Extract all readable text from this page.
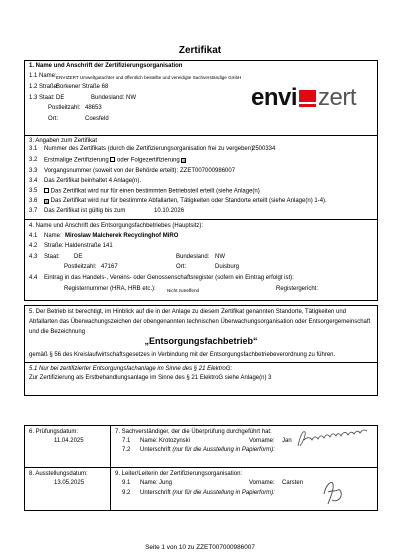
Zertifikat
1. Name und Anschrift der Zertifizierungsorganisation
1.1 Name: ENVIZERT Umweltgutachter und öffentlich bestellte und vereidigte Sachverständige GmbH
1.2 Straße:
Borkener Straße 68
1.3 Staat: DE	Bundesland: NW
Postleitzahl: 48653
Ort:	Coesfeld
envi zert
3. Angaben zum Zertifikat
3.1 Nummer des Zertifikats (durch die Zertifizierungsorganisation frei zu vergeben):
2500334
3.2 Erstmalige Zertifizierung oder Folgezertifizierung ☒
3.3 Vorgangsnummer (soweit von der Behörde erteilt): ZZET007000986007
3.4 Das Zertifikat beinhaltet 4 Anlage(n).
3.5	Das Zertifikat wird nur für einen bestimmten Betriebsteil erteilt (siehe Anlage(n)
3.6 ☒ Das Zertifikat wird nur für bestimmte Abfallarten, Tätigkeiten oder Standorte erteilt (siehe Anlage(n) 1-4).
3.7 Das Zertifikat ist gültig bis zum	10.10.2026
4. Name und Anschrift des Entsorgungsfachbetriebes (Hauptsitz):
4.1 Name: Miroslaw Malcherek Recyclinghof MiRO
4.2 Straße: Haldenstraße 141
4.3 Staat: DE	Bundesland: NW
Postleitzahl: 47167	Ort:	Duisburg
4.4 Eintrag in das Handels-, Vereins- oder Genossenschaftsregister (sofern ein Eintrag erfolgt ist):
Registernummer (HRA, HRB etc.): Nicht zutreffend	Registergericht:
5. Der Betrieb ist berechtigt, im Hinblick auf die in der Anlage zu diesem Zertifikat genannten Standorte, Tätigkeiten und
Abfallarten das Überwachungszeichen der obengenannten technischen Überwachungsorganisation oder Entsorgergemeinschaft
und die Bezeichnung
„Entsorgungsfachbetrieb“
gemäß § 56 des Kreislaufwirtschaftsgesetzes in Verbindung mit der Entsorgungsfachbetriebeverordnung zu führen.
5.1 Nur bei zertifizierter Entsorgungsfachanlage im Sinne des § 21 ElektroG:
Zur Zertifizierung als Erstbehandlungsanlage im Sinne des § 21 ElektroG siehe Anlage(n) 3
6. Prüfungsdatum:
11.04.2025
7. Sachverständiger, der die Überprüfung durchgeführt hat:
7.1 Name: Krotozynski	Vorname: Jan
7.2 Unterschrift (nur für die Ausstellung in Papierform):
8. Ausstellungsdatum:
13.05.2025
9. Leiter/Leiterin der Zertifizierungsorganisation:
9.1 Name: Jung	Vorname: Carsten
9.2 Unterschrift (nur für die Ausstellung in Papierform):
Seite 1 von 10 zu ZZET007000986007
